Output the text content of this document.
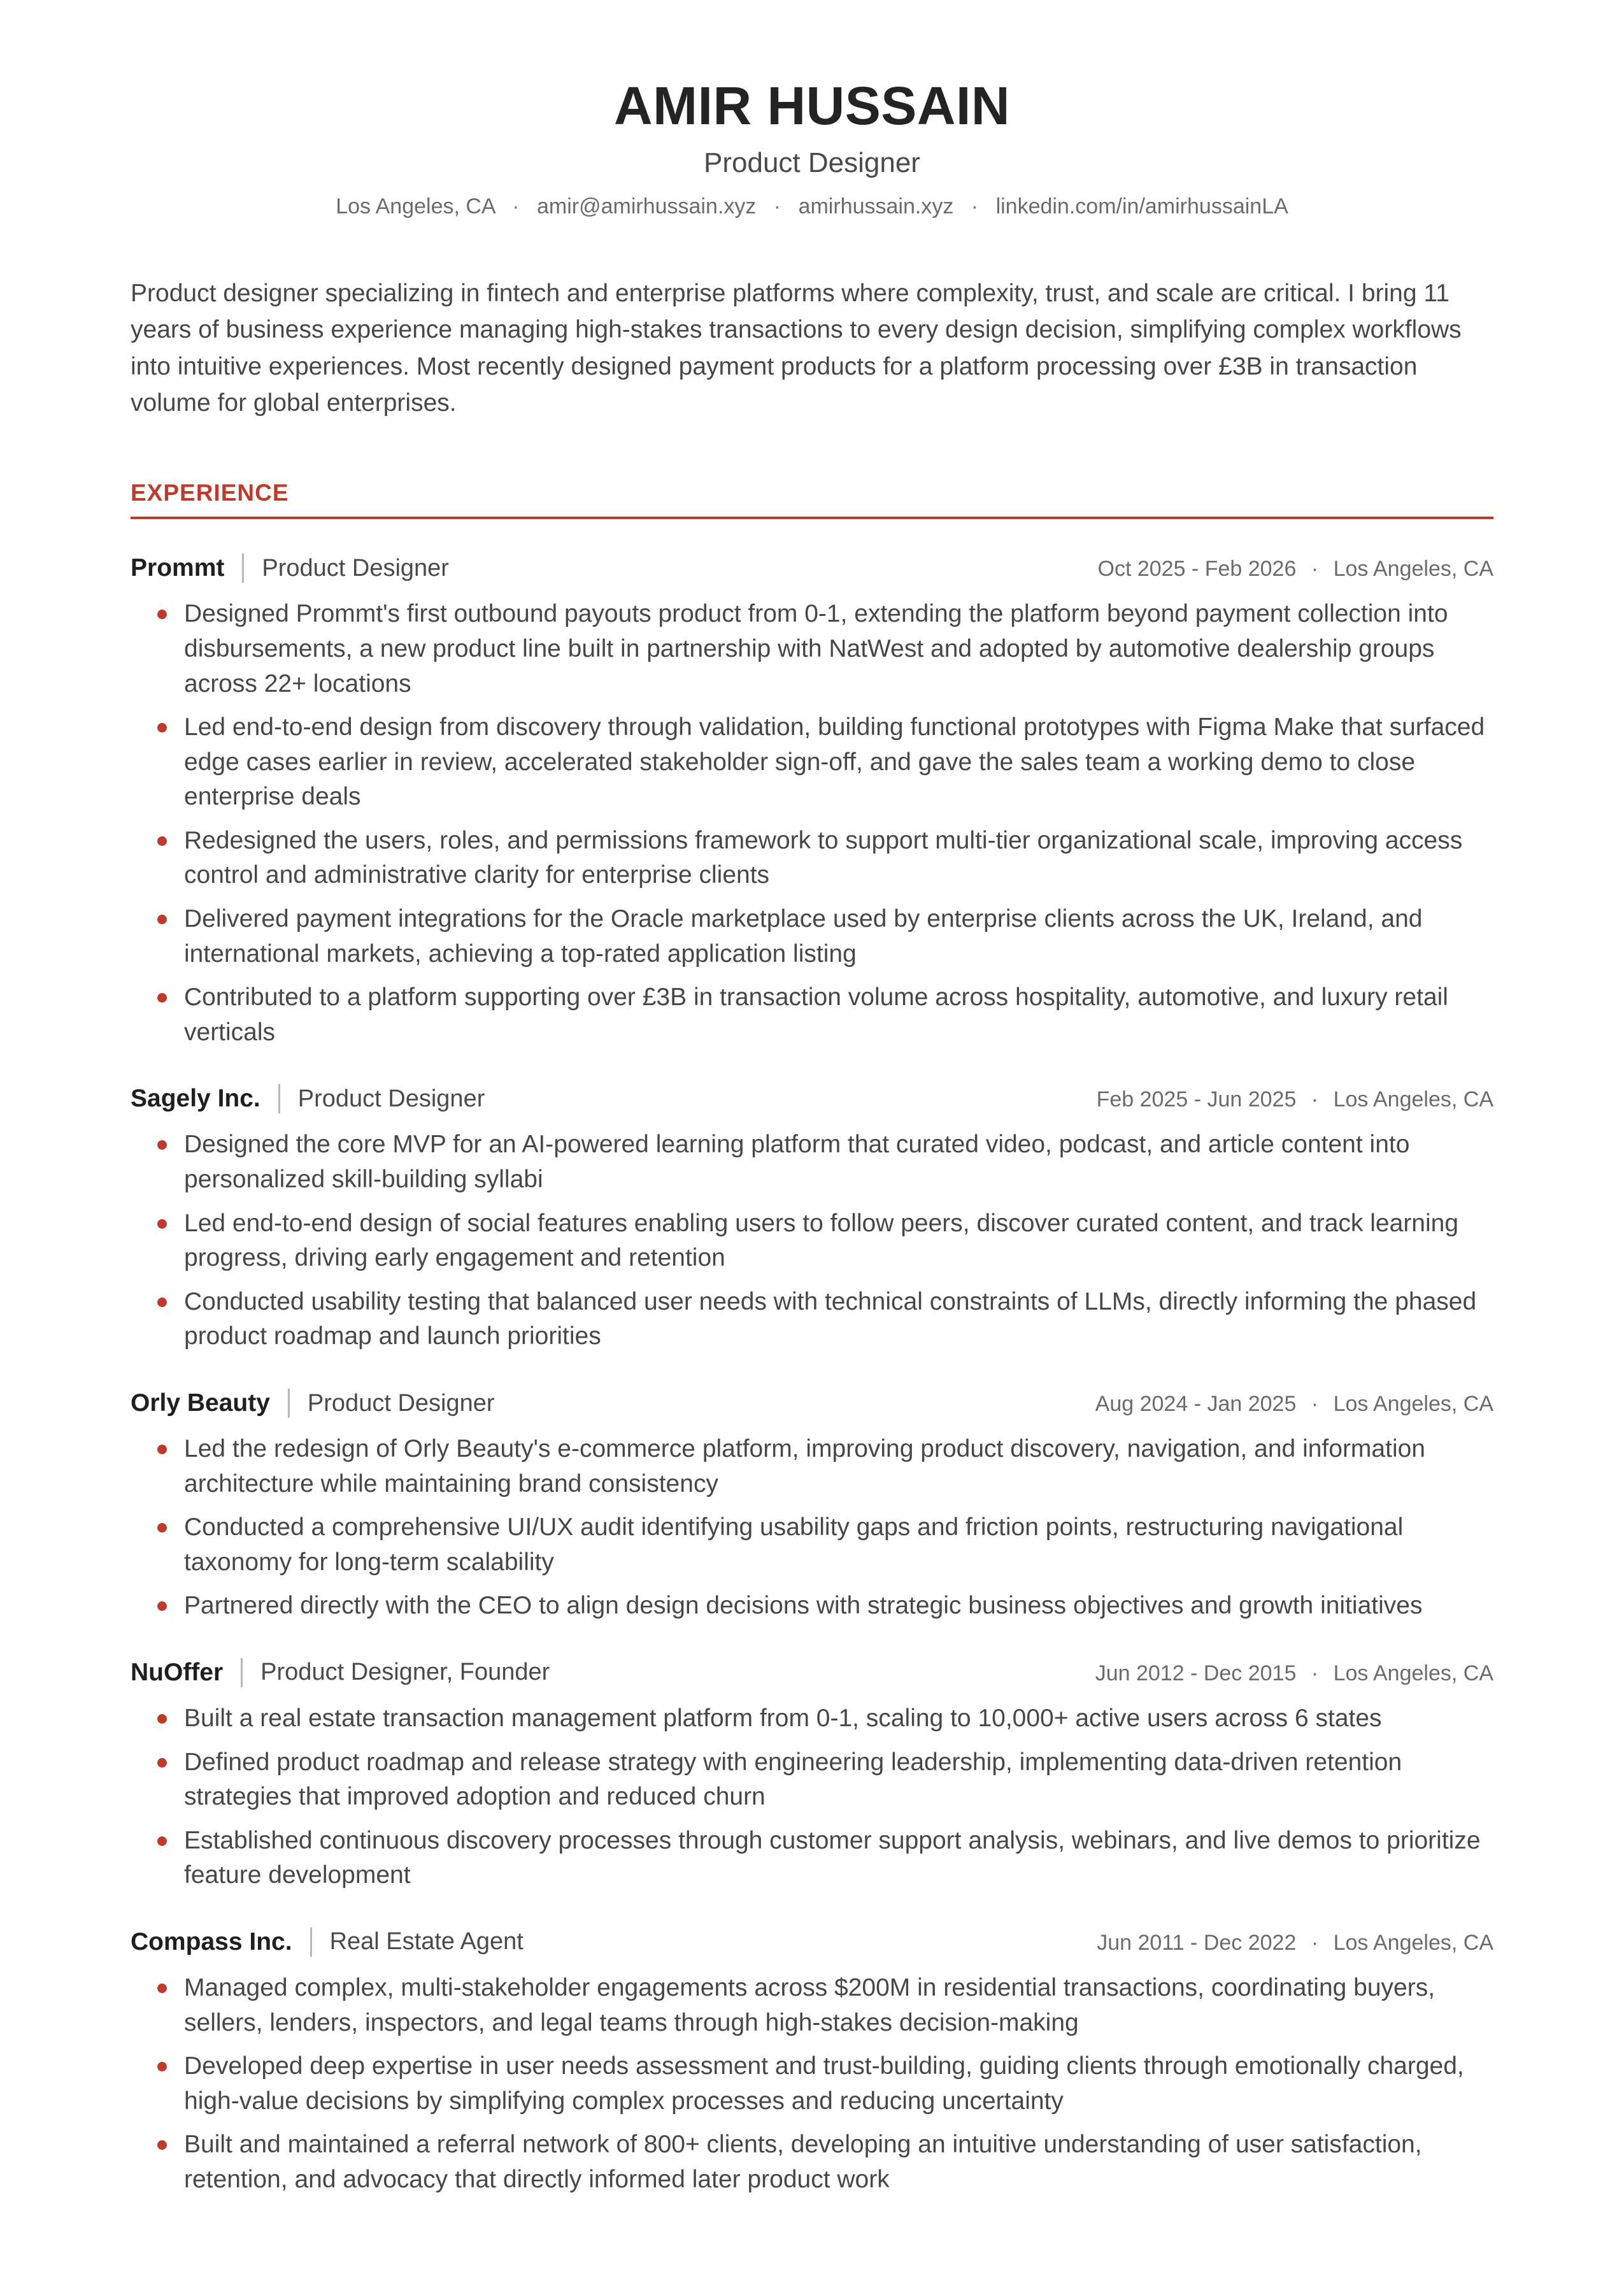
AMIR HUSSAIN
Product Designer
Los Angeles, CA · amir@amirhussain.xyz · amirhussain.xyz · linkedin.com/in/amirhussainLA

Product designer specializing in fintech and enterprise platforms where complexity, trust, and scale are critical. I bring 11 years of business experience managing high-stakes transactions to every design decision, simplifying complex workflows into intuitive experiences. Most recently designed payment products for a platform processing over £3B in transaction volume for global enterprises.

EXPERIENCE
Prommt Product Designer	Oct 2025 - Feb 2026 · Los Angeles, CA
Designed Prommt's first outbound payouts product from 0-1, extending the platform beyond payment collection into disbursements, a new product line built in partnership with NatWest and adopted by automotive dealership groups across 22+ locations
Led end-to-end design from discovery through validation, building functional prototypes with Figma Make that surfaced edge cases earlier in review, accelerated stakeholder sign-off, and gave the sales team a working demo to close enterprise deals
Redesigned the users, roles, and permissions framework to support multi-tier organizational scale, improving access control and administrative clarity for enterprise clients
Delivered payment integrations for the Oracle marketplace used by enterprise clients across the UK, Ireland, and international markets, achieving a top-rated application listing
Contributed to a platform supporting over £3B in transaction volume across hospitality, automotive, and luxury retail verticals
Sagely Inc. Product Designer	Feb 2025 - Jun 2025 · Los Angeles, CA
Designed the core MVP for an AI-powered learning platform that curated video, podcast, and article content into personalized skill-building syllabi
Led end-to-end design of social features enabling users to follow peers, discover curated content, and track learning progress, driving early engagement and retention
Conducted usability testing that balanced user needs with technical constraints of LLMs, directly informing the phased product roadmap and launch priorities
Orly Beauty Product Designer	Aug 2024 - Jan 2025 · Los Angeles, CA
Led the redesign of Orly Beauty's e-commerce platform, improving product discovery, navigation, and information architecture while maintaining brand consistency
Conducted a comprehensive UI/UX audit identifying usability gaps and friction points, restructuring navigational taxonomy for long-term scalability
Partnered directly with the CEO to align design decisions with strategic business objectives and growth initiatives
NuOffer Product Designer, Founder	Jun 2012 - Dec 2015 · Los Angeles, CA
Built a real estate transaction management platform from 0-1, scaling to 10,000+ active users across 6 states
Defined product roadmap and release strategy with engineering leadership, implementing data-driven retention strategies that improved adoption and reduced churn
Established continuous discovery processes through customer support analysis, webinars, and live demos to prioritize feature development
Compass Inc. Real Estate Agent	Jun 2011 - Dec 2022 · Los Angeles, CA
Managed complex, multi-stakeholder engagements across $200M in residential transactions, coordinating buyers, sellers, lenders, inspectors, and legal teams through high-stakes decision-making
Developed deep expertise in user needs assessment and trust-building, guiding clients through emotionally charged, high-value decisions by simplifying complex processes and reducing uncertainty
Built and maintained a referral network of 800+ clients, developing an intuitive understanding of user satisfaction, retention, and advocacy that directly informed later product work
